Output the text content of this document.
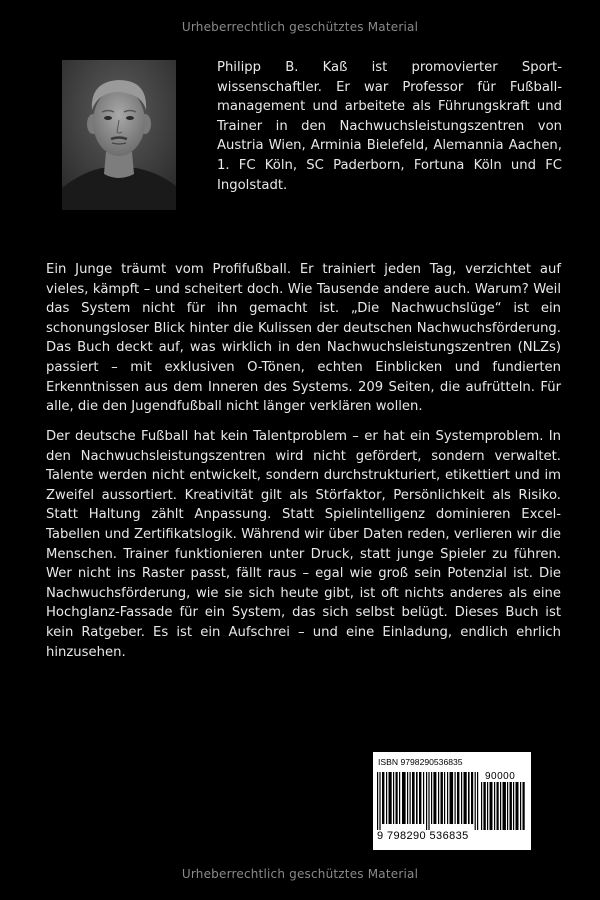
Urheberrechtlich geschütztes Material
Philipp B. Kaß ist promovierter Sportwissenschaftler. Er war Professor für Fußballmanagement und arbeitete als Führungskraft und Trainer in den Nachwuchsleistungszentren von Austria Wien, Arminia Bielefeld, Alemannia Aachen, 1. FC Köln, SC Paderborn, Fortuna Köln und FC Ingolstadt.
Ein Junge träumt vom Profifußball. Er trainiert jeden Tag, verzichtet auf vieles, kämpft – und scheitert doch. Wie Tausende andere auch. Warum? Weil das System nicht für ihn gemacht ist. „Die Nachwuchslüge“ ist ein schonungsloser Blick hinter die Kulissen der deutschen Nachwuchsförderung. Das Buch deckt auf, was wirklich in den Nachwuchsleistungszentren (NLZs) passiert – mit exklusiven O-Tönen, echten Einblicken und fundierten Erkenntnissen aus dem Inneren des Systems. 209 Seiten, die aufrütteln. Für alle, die den Jugendfußball nicht länger verklären wollen.
Der deutsche Fußball hat kein Talentproblem – er hat ein Systemproblem. In den Nachwuchsleistungszentren wird nicht gefördert, sondern verwaltet. Talente werden nicht entwickelt, sondern durchstrukturiert, etikettiert und im Zweifel aussortiert. Kreativität gilt als Störfaktor, Persönlichkeit als Risiko. Statt Haltung zählt Anpassung. Statt Spielintelligenz dominieren Excel-Tabellen und Zertifikatslogik. Während wir über Daten reden, verlieren wir die Menschen. Trainer funktionieren unter Druck, statt junge Spieler zu führen. Wer nicht ins Raster passt, fällt raus – egal wie groß sein Potenzial ist. Die Nachwuchsförderung, wie sie sich heute gibt, ist oft nichts anderes als eine Hochglanz-Fassade für ein System, das sich selbst belügt. Dieses Buch ist kein Ratgeber. Es ist ein Aufschrei – und eine Einladung, endlich ehrlich hinzusehen.
ISBN 9798290536835
90000
9 798290 536835
Urheberrechtlich geschütztes Material
